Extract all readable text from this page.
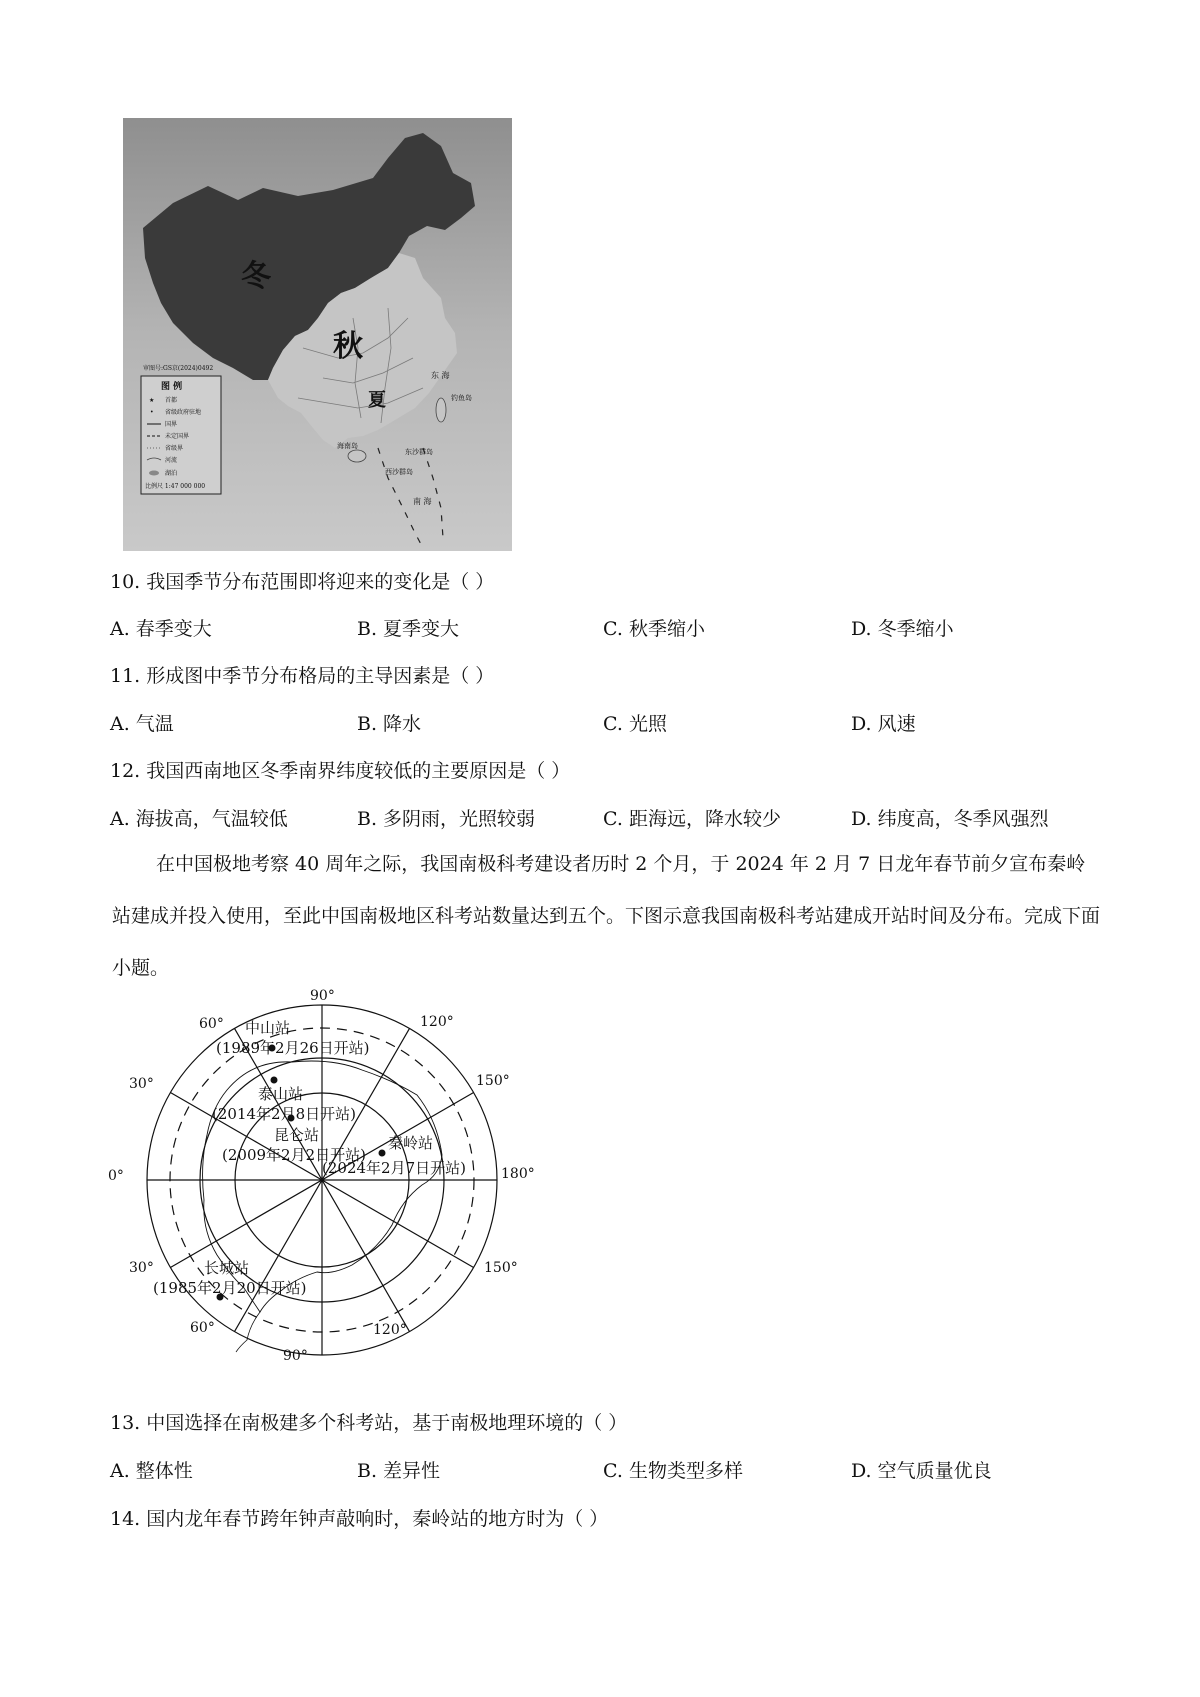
冬
秋
夏
东 海
钓鱼岛
东沙群岛
西沙群岛
南 海
海南岛
审图号:GS京(2024)0492
图 例
★ 首都
• 省级政府驻地
国界
未定国界
省级界
河流
湖泊
比例尺 1:47 000 000
10. 我国季节分布范围即将迎来的变化是（ ）
A. 春季变大	B. 夏季变大	C. 秋季缩小	D. 冬季缩小
11. 形成图中季节分布格局的主导因素是（ ）
A. 气温	B. 降水	C. 光照	D. 风速
12. 我国西南地区冬季南界纬度较低的主要原因是（ ）
A. 海拔高，气温较低	B. 多阴雨，光照较弱	C. 距海远，降水较少	D. 纬度高，冬季风强烈
在中国极地考察 40 周年之际，我国南极科考建设者历时 2 个月，于 2024 年 2 月 7 日龙年春节前夕宣布秦岭站建成并投入使用，至此中国南极地区科考站数量达到五个。下图示意我国南极科考站建成开站时间及分布。完成下面小题。
90°
60°	120°
30°	150°
0°	180°
30°	150°
60°
90°
120°
中山站
(1989年2月26日开站)
泰山站
(2014年2月8日开站)
昆仑站
(2009年2月2日开站)
秦岭站
(2024年2月7日开站)
长城站
(1985年2月20日开站)
13. 中国选择在南极建多个科考站，基于南极地理环境的（ ）
A. 整体性	B. 差异性	C. 生物类型多样	D. 空气质量优良
14. 国内龙年春节跨年钟声敲响时，秦岭站的地方时为（ ）
